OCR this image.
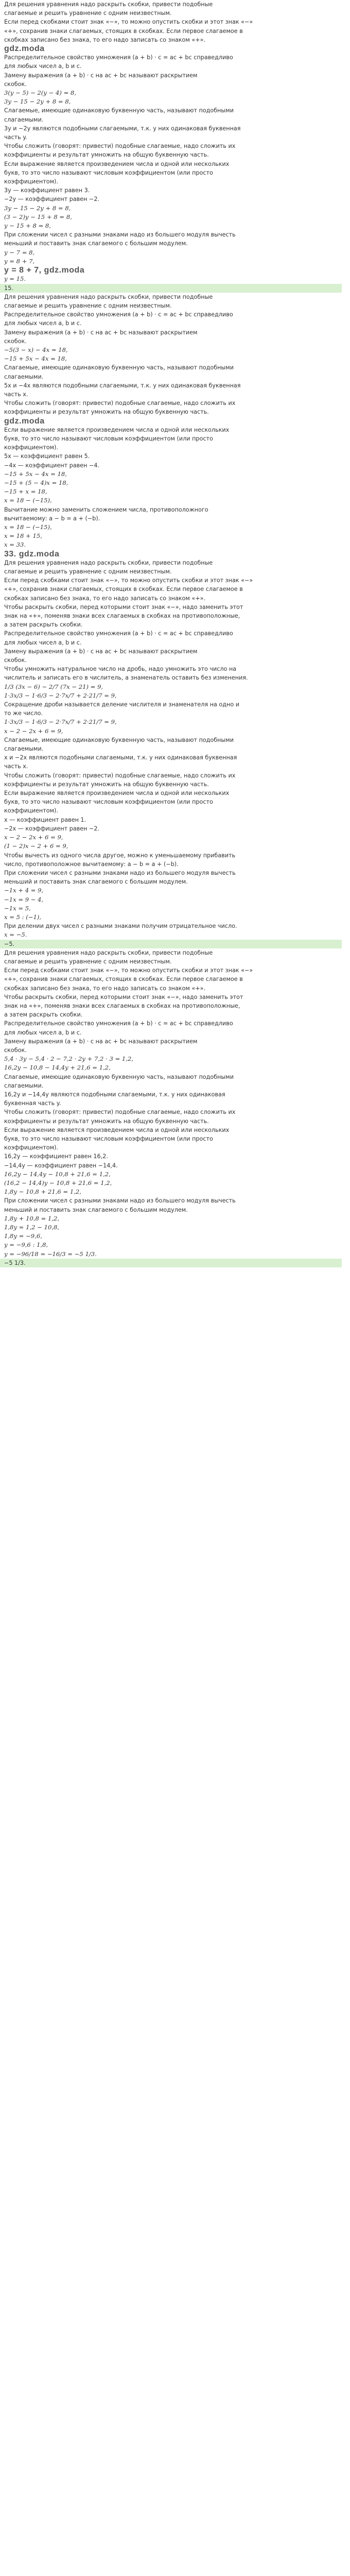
Для решения уравнения надо раскрыть скобки, привести подобные
слагаемые и решить уравнение с одним неизвестным.
Если перед скобками стоит знак «−», то можно опустить скобки и этот знак «−»
«+», сохранив знаки слагаемых, стоящих в скобках. Если первое слагаемое в
скобках записано без знака, то его надо записать со знаком «+».
gdz.moda
Распределительное свойство умножения (a + b) · c = ac + bc справедливо
для любых чисел a, b и c.
Замену выражения (a + b) · c на ac + bc называют раскрытием
скобок.
3(y − 5) − 2(y − 4) = 8,
3y − 15 − 2y + 8 = 8,
Слагаемые, имеющие одинаковую буквенную часть, называют подобными
слагаемыми.
3y и −2y являются подобными слагаемыми, т.к. у них одинаковая буквенная
часть y.
Чтобы сложить (говорят: привести) подобные слагаемые, надо сложить их
коэффициенты и результат умножить на общую буквенную часть.
Если выражение является произведением числа и одной или нескольких
букв, то это число называют числовым коэффициентом (или просто
коэффициентом).
3y — коэффициент равен 3.
−2y — коэффициент равен −2.
3y − 15 − 2y + 8 = 8,
(3 − 2)y − 15 + 8 = 8,
y − 15 + 8 = 8,
При сложении чисел с разными знаками надо из большего модуля вычесть
меньший и поставить знак слагаемого с большим модулем.
y − 7 = 8,
y = 8 + 7,
y = 8 + 7, gdz.moda
y = 15.
15.
Для решения уравнения надо раскрыть скобки, привести подобные
слагаемые и решить уравнение с одним неизвестным.
Распределительное свойство умножения (a + b) · c = ac + bc справедливо
для любых чисел a, b и c.
Замену выражения (a + b) · c на ac + bc называют раскрытием
скобок.
−5(3 − x) − 4x = 18,
−15 + 5x − 4x = 18,
Слагаемые, имеющие одинаковую буквенную часть, называют подобными
слагаемыми.
5x и −4x являются подобными слагаемыми, т.к. у них одинаковая буквенная
часть x.
Чтобы сложить (говорят: привести) подобные слагаемые, надо сложить их
коэффициенты и результат умножить на общую буквенную часть.
gdz.moda
Если выражение является произведением числа и одной или нескольких
букв, то это число называют числовым коэффициентом (или просто
коэффициентом).
5x — коэффициент равен 5.
−4x — коэффициент равен −4.
−15 + 5x − 4x = 18,
−15 + (5 − 4)x = 18,
−15 + x = 18,
x = 18 − (−15),
Вычитание можно заменить сложением числа, противоположного
вычитаемому: a − b = a + (−b).
x = 18 − (−15),
x = 18 + 15,
x = 33.
33. gdz.moda
Для решения уравнения надо раскрыть скобки, привести подобные
слагаемые и решить уравнение с одним неизвестным.
Если перед скобками стоит знак «−», то можно опустить скобки и этот знак «−»
«+», сохранив знаки слагаемых, стоящих в скобках. Если первое слагаемое в
скобках записано без знака, то его надо записать со знаком «+».
Чтобы раскрыть скобки, перед которыми стоит знак «−», надо заменить этот
знак на «+», поменяв знаки всех слагаемых в скобках на противоположные,
а затем раскрыть скобки.
Распределительное свойство умножения (a + b) · c = ac + bc справедливо
для любых чисел a, b и c.
Замену выражения (a + b) · c на ac + bc называют раскрытием
скобок.
Чтобы умножить натуральное число на дробь, надо умножить это число на
числитель и записать его в числитель, а знаменатель оставить без изменения.
1/3 (3x − 6) − 2/7 (7x − 21) = 9,
1·3x/3 − 1·6/3 − 2·7x/7 + 2·21/7 = 9,
Сокращение дроби называется деление числителя и знаменателя на одно и
то же число.
1·3x/3 − 1·6/3 − 2·7x/7 + 2·21/7 = 9,
x − 2 − 2x + 6 = 9,
Слагаемые, имеющие одинаковую буквенную часть, называют подобными
слагаемыми.
x и −2x являются подобными слагаемыми, т.к. у них одинаковая буквенная
часть x.
Чтобы сложить (говорят: привести) подобные слагаемые, надо сложить их
коэффициенты и результат умножить на общую буквенную часть.
Если выражение является произведением числа и одной или нескольких
букв, то это число называют числовым коэффициентом (или просто
коэффициентом).
x — коэффициент равен 1.
−2x — коэффициент равен −2.
x − 2 − 2x + 6 = 9,
(1 − 2)x − 2 + 6 = 9,
Чтобы вычесть из одного числа другое, можно к уменьшаемому прибавить
число, противоположное вычитаемому: a − b = a + (−b).
При сложении чисел с разными знаками надо из большего модуля вычесть
меньший и поставить знак слагаемого с большим модулем.
−1x + 4 = 9,
−1x = 9 − 4,
−1x = 5,
x = 5 : (−1),
При делении двух чисел с разными знаками получим отрицательное число.
x = −5.
−5.
Для решения уравнения надо раскрыть скобки, привести подобные
слагаемые и решить уравнение с одним неизвестным.
Если перед скобками стоит знак «−», то можно опустить скобки и этот знак «−»
«+», сохранив знаки слагаемых, стоящих в скобках. Если первое слагаемое в
скобках записано без знака, то его надо записать со знаком «+».
Чтобы раскрыть скобки, перед которыми стоит знак «−», надо заменить этот
знак на «+», поменяв знаки всех слагаемых в скобках на противоположные,
а затем раскрыть скобки.
Распределительное свойство умножения (a + b) · c = ac + bc справедливо
для любых чисел a, b и c.
Замену выражения (a + b) · c на ac + bc называют раскрытием
скобок.
5,4 · 3y − 5,4 · 2 − 7,2 · 2y + 7,2 · 3 = 1,2,
16,2y − 10,8 − 14,4y + 21,6 = 1,2,
Слагаемые, имеющие одинаковую буквенную часть, называют подобными
слагаемыми.
16,2y и −14,4y являются подобными слагаемыми, т.к. у них одинаковая
буквенная часть y.
Чтобы сложить (говорят: привести) подобные слагаемые, надо сложить их
коэффициенты и результат умножить на общую буквенную часть.
Если выражение является произведением числа и одной или нескольких
букв, то это число называют числовым коэффициентом (или просто
коэффициентом).
16,2y — коэффициент равен 16,2.
−14,4y — коэффициент равен −14,4.
16,2y − 14,4y − 10,8 + 21,6 = 1,2,
(16,2 − 14,4)y − 10,8 + 21,6 = 1,2,
1,8y − 10,8 + 21,6 = 1,2,
При сложении чисел с разными знаками надо из большего модуля вычесть
меньший и поставить знак слагаемого с большим модулем.
1,8y + 10,8 = 1,2,
1,8y = 1,2 − 10,8,
1,8y = −9,6,
y = −9,6 : 1,8,
y = −96/18 = −16/3 = −5 1/3.
−5 1/3.
